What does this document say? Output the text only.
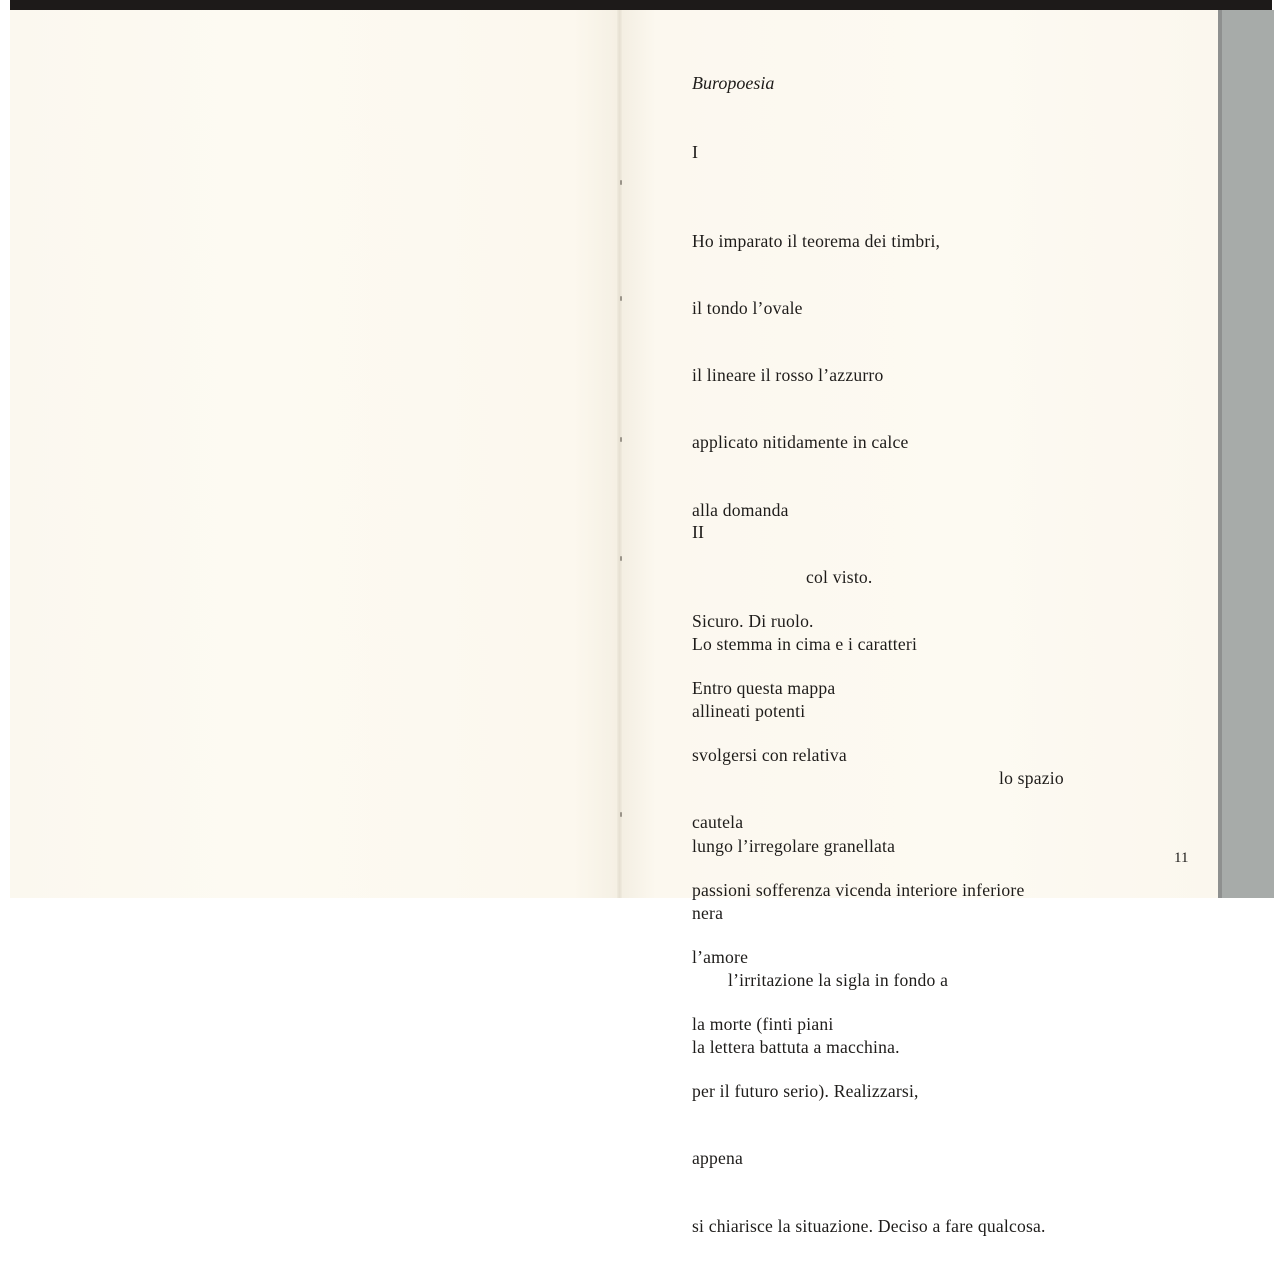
Buropoesia
I

Ho imparato il teorema dei timbri,

il tondo l’ovale

il lineare il rosso l’azzurro

applicato nitidamente in calce

alla domanda

col visto.

Lo stemma in cima e i caratteri

allineati potenti

lo spazio

lungo l’irregolare granellata

nera

l’irritazione la sigla in fondo a

la lettera battuta a macchina.

II

Sicuro. Di ruolo.

Entro questa mappa

svolgersi con relativa

cautela

passioni sofferenza vicenda interiore inferiore

l’amore

la morte (finti piani

per il futuro serio). Realizzarsi,

appena

si chiarisce la situazione. Deciso a fare qualcosa.

11
